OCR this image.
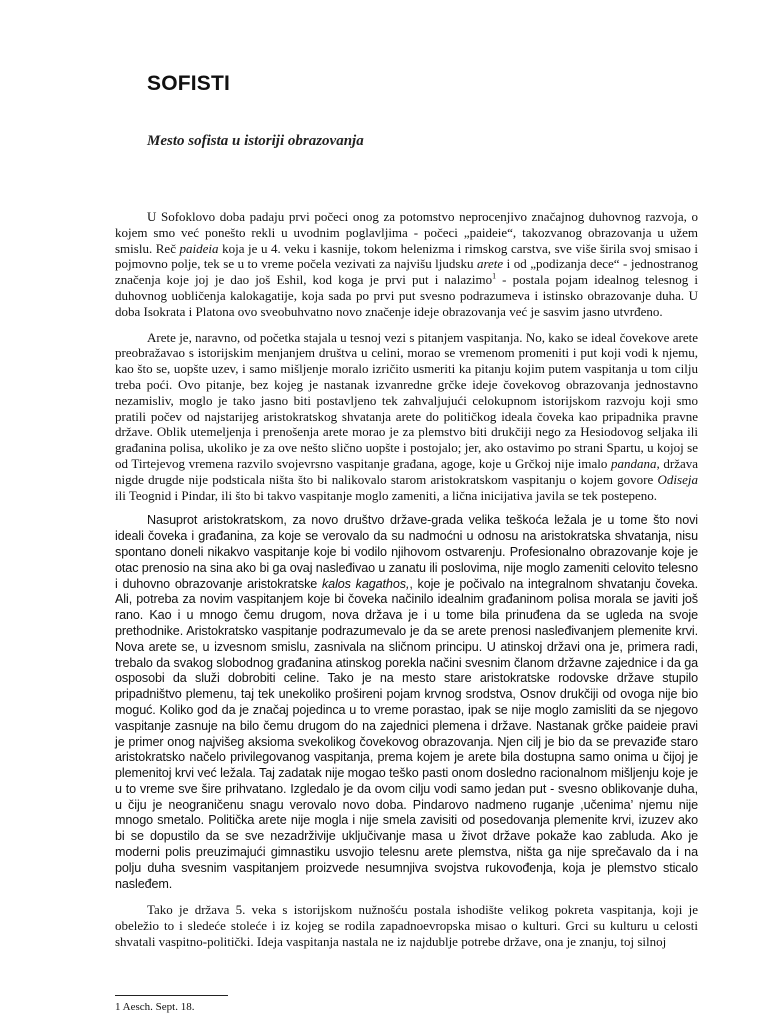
SOFISTI
Mesto sofista u istoriji obrazovanja

U Sofoklovo doba padaju prvi počeci onog za potomstvo neprocenjivo značajnog duhovnog razvoja, o kojem smo već ponešto rekli u uvodnim poglavljima - počeci „paideie“, takozvanog obrazovanja u užem smislu. Reč paideia koja je u 4. veku i kasnije, tokom helenizma i rimskog carstva, sve više širila svoj smisao i pojmovno polje, tek se u to vreme počela vezivati za najvišu ljudsku arete i od „podizanja dece“ - jednostranog značenja koje joj je dao još Eshil, kod koga je prvi put i nalazimo$^1$ - postala pojam idealnog telesnog i duhovnog uobličenja kalokagatije, koja sada po prvi put svesno podrazumeva i istinsko obrazovanje duha. U doba Isokrata i Platona ovo sveobuhvatno novo značenje ideje obrazovanja već je sasvim jasno utvrđeno.

Arete je, naravno, od početka stajala u tesnoj vezi s pitanjem vaspitanja. No, kako se ideal čovekove arete preobražavao s istorijskim menjanjem društva u celini, morao se vremenom promeniti i put koji vodi k njemu, kao što se, uopšte uzev, i samo mišljenje moralo izričito usmeriti ka pitanju kojim putem vaspitanja u tom cilju treba poći. Ovo pitanje, bez kojeg je nastanak izvanredne grčke ideje čovekovog obrazovanja jednostavno nezamisliv, moglo je tako jasno biti postavljeno tek zahvaljujući celokupnom istorijskom razvoju koji smo pratili počev od najstarijeg aristokratskog shvatanja arete do političkog ideala čoveka kao pripadnika pravne države. Oblik utemeljenja i prenošenja arete morao je za plemstvo biti drukčiji nego za Hesiodovog seljaka ili građanina polisa, ukoliko je za ove nešto slično uopšte i postojalo; jer, ako ostavimo po strani Spartu, u kojoj se od Tirtejevog vremena razvilo svojevrsno vaspitanje građana, agoge, koje u Grčkoj nije imalo pandana, država nigde drugde nije podsticala ništa što bi nalikovalo starom aristokratskom vaspitanju o kojem govore Odiseja ili Teognid i Pindar, ili što bi takvo vaspitanje moglo zameniti, a lična inicijativa javila se tek postepeno.

Nasuprot aristokratskom, za novo društvo države-grada velika teškoća ležala je u tome što novi ideali čoveka i građanina, za koje se verovalo da su nadmoćni u odnosu na aristokratska shvatanja, nisu spontano doneli nikakvo vaspitanje koje bi vodilo njihovom ostvarenju. Profesionalno obrazovanje koje je otac prenosio na sina ako bi ga ovaj nasleđivao u zanatu ili poslovima, nije moglo zameniti celovito telesno i duhovno obrazovanje aristokratske kalos kagathos,, koje je počivalo na integralnom shvatanju čoveka. Ali, potreba za novim vaspitanjem koje bi čoveka načinilo idealnim građaninom polisa morala se javiti još rano. Kao i u mnogo čemu drugom, nova država je i u tome bila prinuđena da se ugleda na svoje prethodnike. Aristokratsko vaspitanje podrazumevalo je da se arete prenosi nasleđivanjem plemenite krvi. Nova arete se, u izvesnom smislu, zasnivala na sličnom principu. U atinskoj državi ona je, primera radi, trebalo da svakog slobodnog građanina atinskog porekla načini svesnim članom državne zajednice i da ga osposobi da služi dobrobiti celine. Tako je na mesto stare aristokratske rodovske države stupilo pripadništvo plemenu, taj tek unekoliko prošireni pojam krvnog srodstva, Osnov drukčiji od ovoga nije bio moguć. Koliko god da je značaj pojedinca u to vreme porastao, ipak se nije moglo zamisliti da se njegovo vaspitanje zasnuje na bilo čemu drugom do na zajednici plemena i države. Nastanak grčke paideie pravi je primer onog najvišeg aksioma svekolikog čovekovog obrazovanja. Njen cilj je bio da se prevaziđe staro aristokratsko načelo privilegovanog vaspitanja, prema kojem je arete bila dostupna samo onima u čijoj je plemenitoj krvi već ležala. Taj zadatak nije mogao teško pasti onom dosledno racionalnom mišljenju koje je u to vreme sve šire prihvatano. Izgledalo je da ovom cilju vodi samo jedan put - svesno oblikovanje duha, u čiju je neograničenu snagu verovalo novo doba. Pindarovo nadmeno ruganje ,učenima’ njemu nije mnogo smetalo. Politička arete nije mogla i nije smela zavisiti od posedovanja plemenite krvi, izuzev ako bi se dopustilo da se sve nezadrživije uključivanje masa u život države pokaže kao zabluda. Ako je moderni polis preuzimajući gimnastiku usvojio telesnu arete plemstva, ništa ga nije sprečavalo da i na polju duha svesnim vaspitanjem proizvede nesumnjiva svojstva rukovođenja, koja je plemstvo sticalo nasleđem.

Tako je država 5. veka s istorijskom nužnošću postala ishodište velikog pokreta vaspitanja, koji je obeležio to i sledeće stoleće i iz kojeg se rodila zapadnoevropska misao o kulturi. Grci su kulturu u celosti shvatali vaspitno-politički. Ideja vaspitanja nastala ne iz najdublje potrebe države, ona je znanju, toj silnoj

1 Aesch. Sept. 18.
